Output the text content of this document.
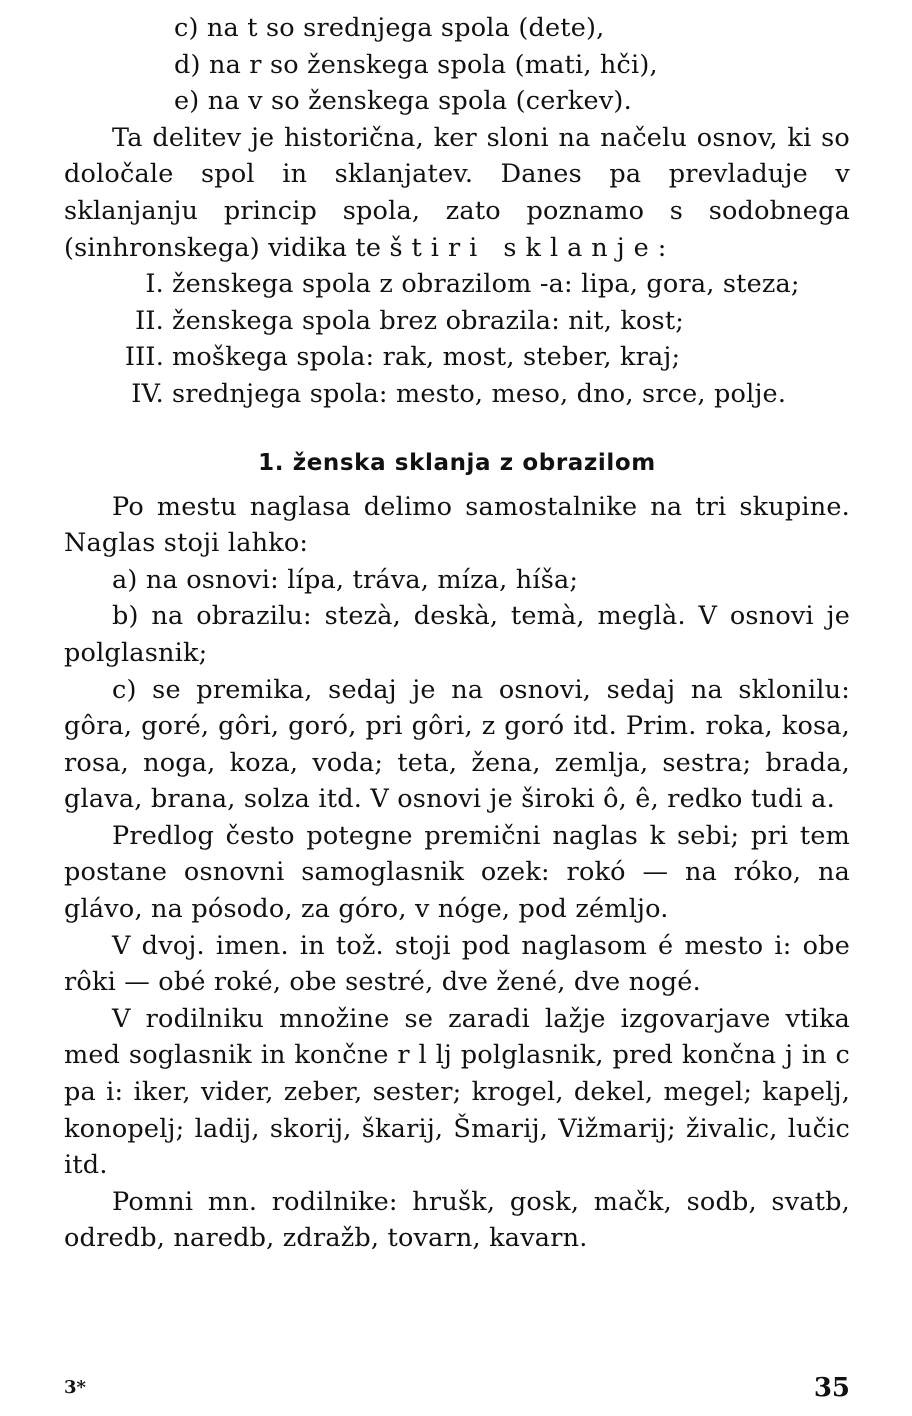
c) na t so srednjega spola (dete),

d) na r so ženskega spola (mati, hči),

e) na v so ženskega spola (cerkev).

Ta delitev je historična, ker sloni na načelu osnov, ki so določale spol in sklanjatev. Danes pa prevladuje v sklanjanju princip spola, zato poznamo s sodobnega (sinhronskega) vidika te štiri sklanje:

I. ženskega spola z obrazilom -a: lipa, gora, steza;
II. ženskega spola brez obrazila: nit, kost;
III. moškega spola: rak, most, steber, kraj;
IV. srednjega spola: mesto, meso, dno, srce, polje.
1. ženska sklanja z obrazilom

Po mestu naglasa delimo samostalnike na tri skupine. Naglas stoji lahko:

a) na osnovi: lípa, tráva, míza, híša;

b) na obrazilu: stezà, deskà, temà, meglà. V osnovi je polglasnik;

c) se premika, sedaj je na osnovi, sedaj na sklonilu: gôra, goré, gôri, goró, pri gôri, z goró itd. Prim. roka, kosa, rosa, noga, koza, voda; teta, žena, zemlja, sestra; brada, glava, brana, solza itd. V osnovi je široki ô, ê, redko tudi a.

Predlog često potegne premični naglas k sebi; pri tem postane osnovni samoglasnik ozek: rokó — na róko, na glávo, na pósodo, za góro, v nóge, pod zémljo.

V dvoj. imen. in tož. stoji pod naglasom é mesto i: obe rôki — obé roké, obe sestré, dve žené, dve nogé.

V rodilniku množine se zaradi lažje izgovarjave vtika med soglasnik in končne r l lj polglasnik, pred končna j in c pa i: iker, vider, zeber, sester; krogel, dekel, megel; kapelj, konopelj; ladij, skorij, škarij, Šmarij, Vižmarij; živalic, lučic itd.

Pomni mn. rodilnike: hrušk, gosk, mačk, sodb, svatb, odredb, naredb, zdražb, tovarn, kavarn.

3*	35
